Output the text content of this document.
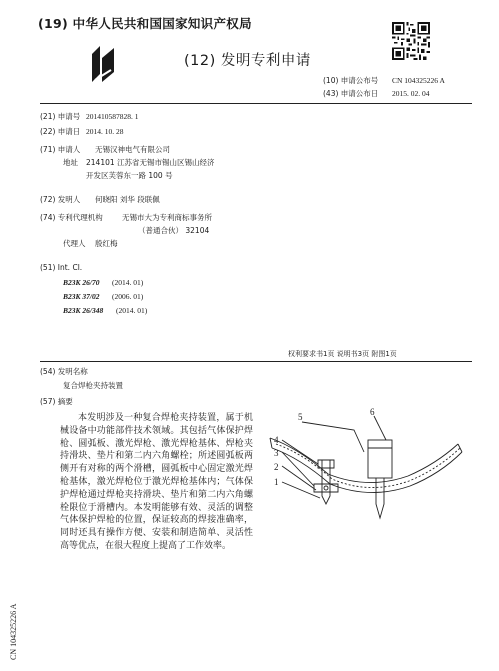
(19) 中华人民共和国国家知识产权局
(12) 发明专利申请
(10) 申请公布号 CN 104325226 A
(43) 申请公布日 2015. 02. 04
(21) 申请号 201410587828. 1
(22) 申请日 2014. 10. 28
(71) 申请人 无锡汉神电气有限公司
地址 214101 江苏省无锡市锡山区锡山经济
开发区芙蓉东一路 100 号
(72) 发明人 何晓阳 刘华 段联佩
(74) 专利代理机构	无锡市大为专利商标事务所
（普通合伙） 32104
代理人 殷红梅
(51) Int. Cl.
B23K 26/70 (2014. 01)
B23K 37/02 (2006. 01)
B23K 26/348 (2014. 01)
权利要求书1页 说明书3页 附图1页
(54) 发明名称
复合焊枪夹持装置
(57) 摘要
本发明涉及一种复合焊枪夹持装置，属于机械设备中功能部件技术领域。其包括气体保护焊枪、圆弧板、激光焊枪、激光焊枪基体、焊枪夹持滑块、垫片和第二内六角螺栓；所述圆弧板两侧开有对称的两个滑槽，圆弧板中心固定激光焊枪基体，激光焊枪位于激光焊枪基体内；气体保护焊枪通过焊枪夹持滑块、垫片和第二内六角螺栓限位于滑槽内。本发明能够有效、灵活的调整气体保护焊枪的位置，保证较高的焊接准确率，同时还具有操作方便、安装和制造简单、灵活性高等优点，在很大程度上提高了工作效率。
5	6
4
3
2
1
CN 104325226 A
